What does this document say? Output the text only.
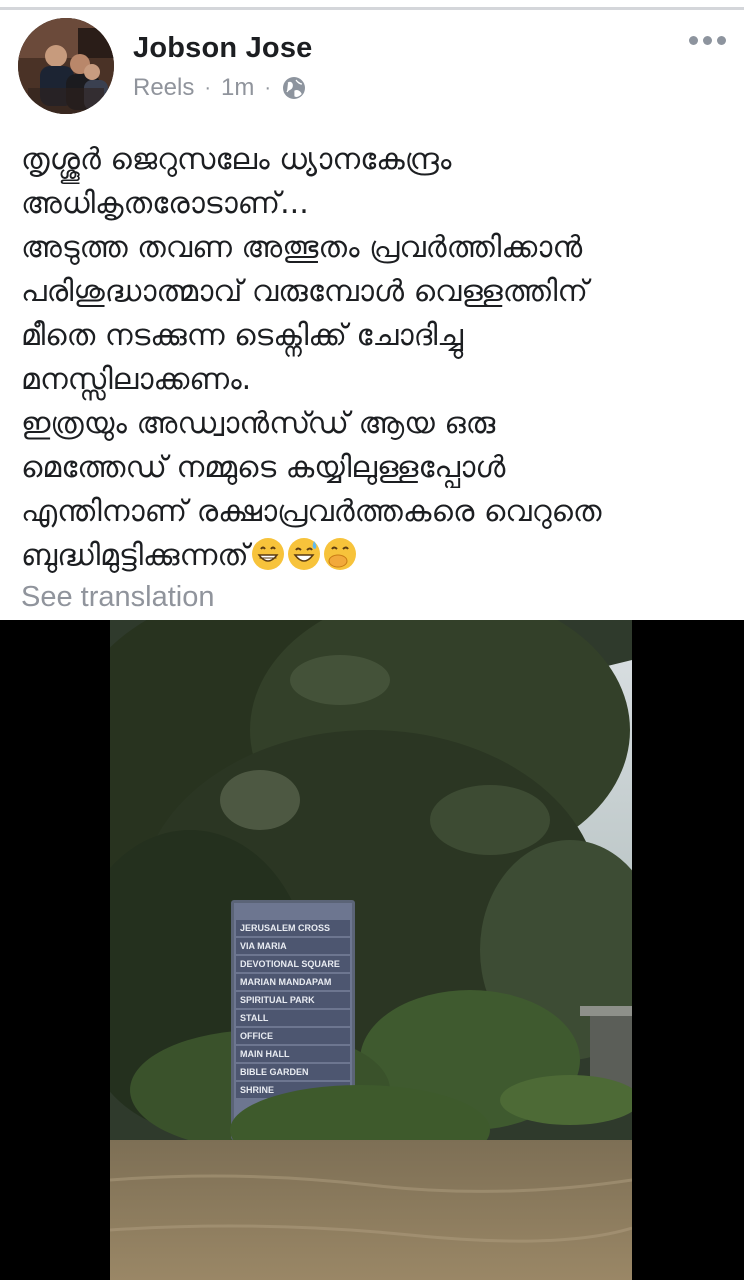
Jobson Jose
Reels · 1m ·
തൃശ്ശൂർ ജെറുസലേം ധ്യാനകേന്ദ്രം
അധികൃതരോടാണ്...
അടുത്ത തവണ അത്ഭുതം പ്രവർത്തിക്കാൻ
പരിശുദ്ധാത്മാവ് വരുമ്പോൾ വെള്ളത്തിന്
മീതെ നടക്കുന്ന ടെക്നിക്ക് ചോദിച്ചു
മനസ്സിലാക്കണം.
ഇത്രയും അഡ്വാൻസ്ഡ് ആയ ഒരു
മെത്തേഡ് നമ്മുടെ കയ്യിലുള്ളപ്പോൾ
എന്തിനാണ് രക്ഷാപ്രവർത്തകരെ വെറുതെ
ബുദ്ധിമുട്ടിക്കുന്നത്
See translation
JERUSALEM CROSS
VIA MARIA
DEVOTIONAL SQUARE
MARIAN MANDAPAM
SPIRITUAL PARK
STALL
OFFICE
MAIN HALL
BIBLE GARDEN
SHRINE
